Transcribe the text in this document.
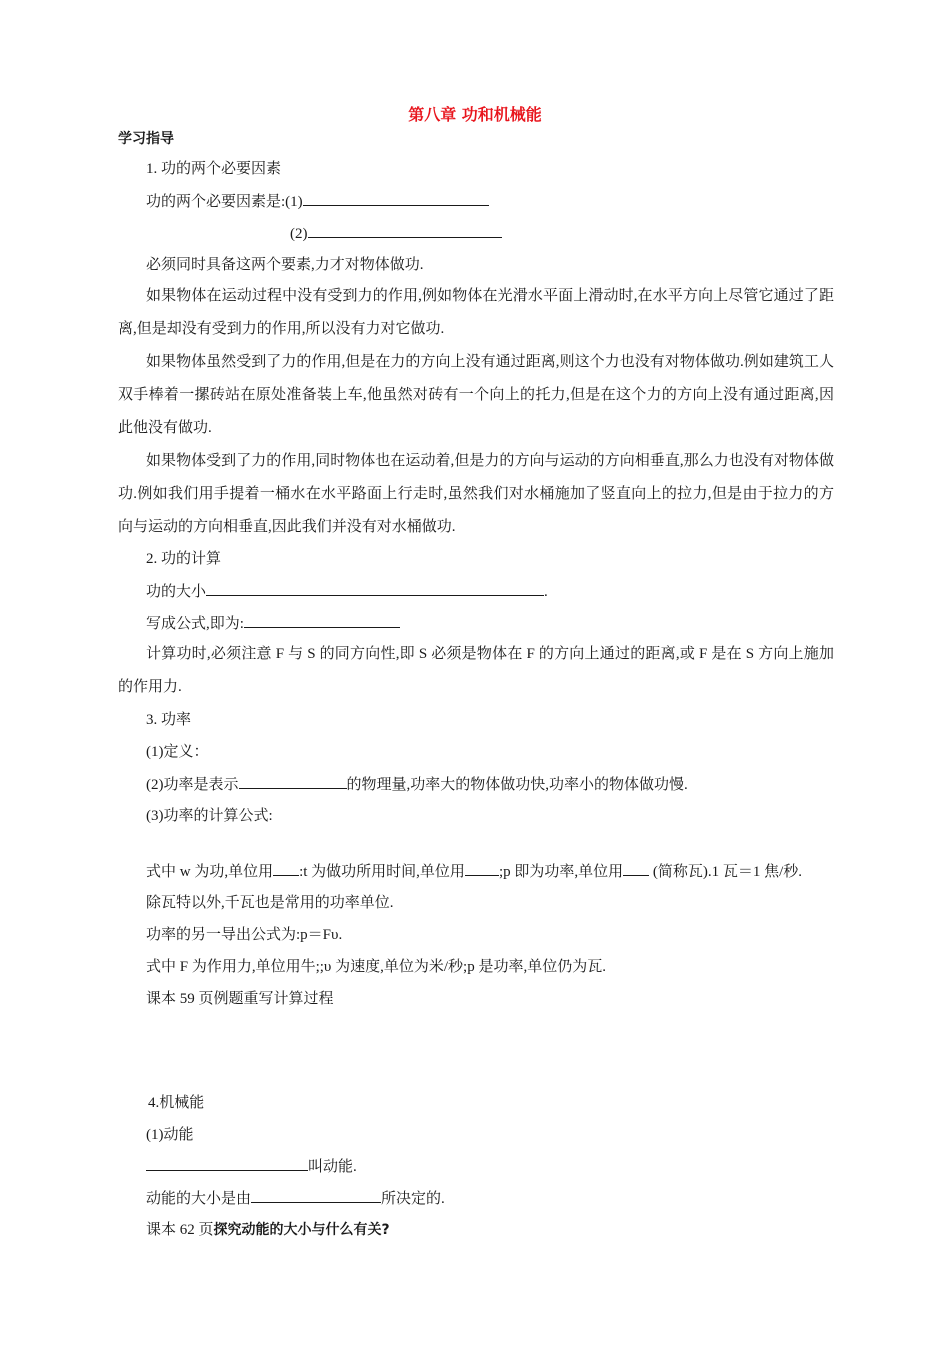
第八章 功和机械能
学习指导
1. 功的两个必要因素
功的两个必要因素是:(1)
(2)
必须同时具备这两个要素,力才对物体做功.
如果物体在运动过程中没有受到力的作用,例如物体在光滑水平面上滑动时,在水平方向上尽管它通过了距离,但是却没有受到力的作用,所以没有力对它做功.
如果物体虽然受到了力的作用,但是在力的方向上没有通过距离,则这个力也没有对物体做功.例如建筑工人双手棒着一摞砖站在原处准备装上车,他虽然对砖有一个向上的托力,但是在这个力的方向上没有通过距离,因此他没有做功.
如果物体受到了力的作用,同时物体也在运动着,但是力的方向与运动的方向相垂直,那么力也没有对物体做功.例如我们用手提着一桶水在水平路面上行走时,虽然我们对水桶施加了竖直向上的拉力,但是由于拉力的方向与运动的方向相垂直,因此我们并没有对水桶做功.
2. 功的计算
功的大小	.
写成公式,即为:
计算功时,必须注意 F 与 S 的同方向性,即 S 必须是物体在 F 的方向上通过的距离,或 F 是在 S 方向上施加的作用力.
3. 功率
(1)定义：
(2)功率是表示	的物理量,功率大的物体做功快,功率小的物体做功慢.
(3)功率的计算公式:
式中 w 为功,单位用 :t 为做功所用时间,单位用 ;p 即为功率,单位用 (简称瓦).1 瓦＝1 焦/秒.
除瓦特以外,千瓦也是常用的功率单位.
功率的另一导出公式为:p＝Fυ.
式中 F 为作用力,单位用牛;;υ 为速度,单位为米/秒;p 是功率,单位仍为瓦.
课本 59 页例题重写计算过程
4.机械能
(1)动能
叫动能.
动能的大小是由	所决定的.
课本 62 页探究动能的大小与什么有关?
